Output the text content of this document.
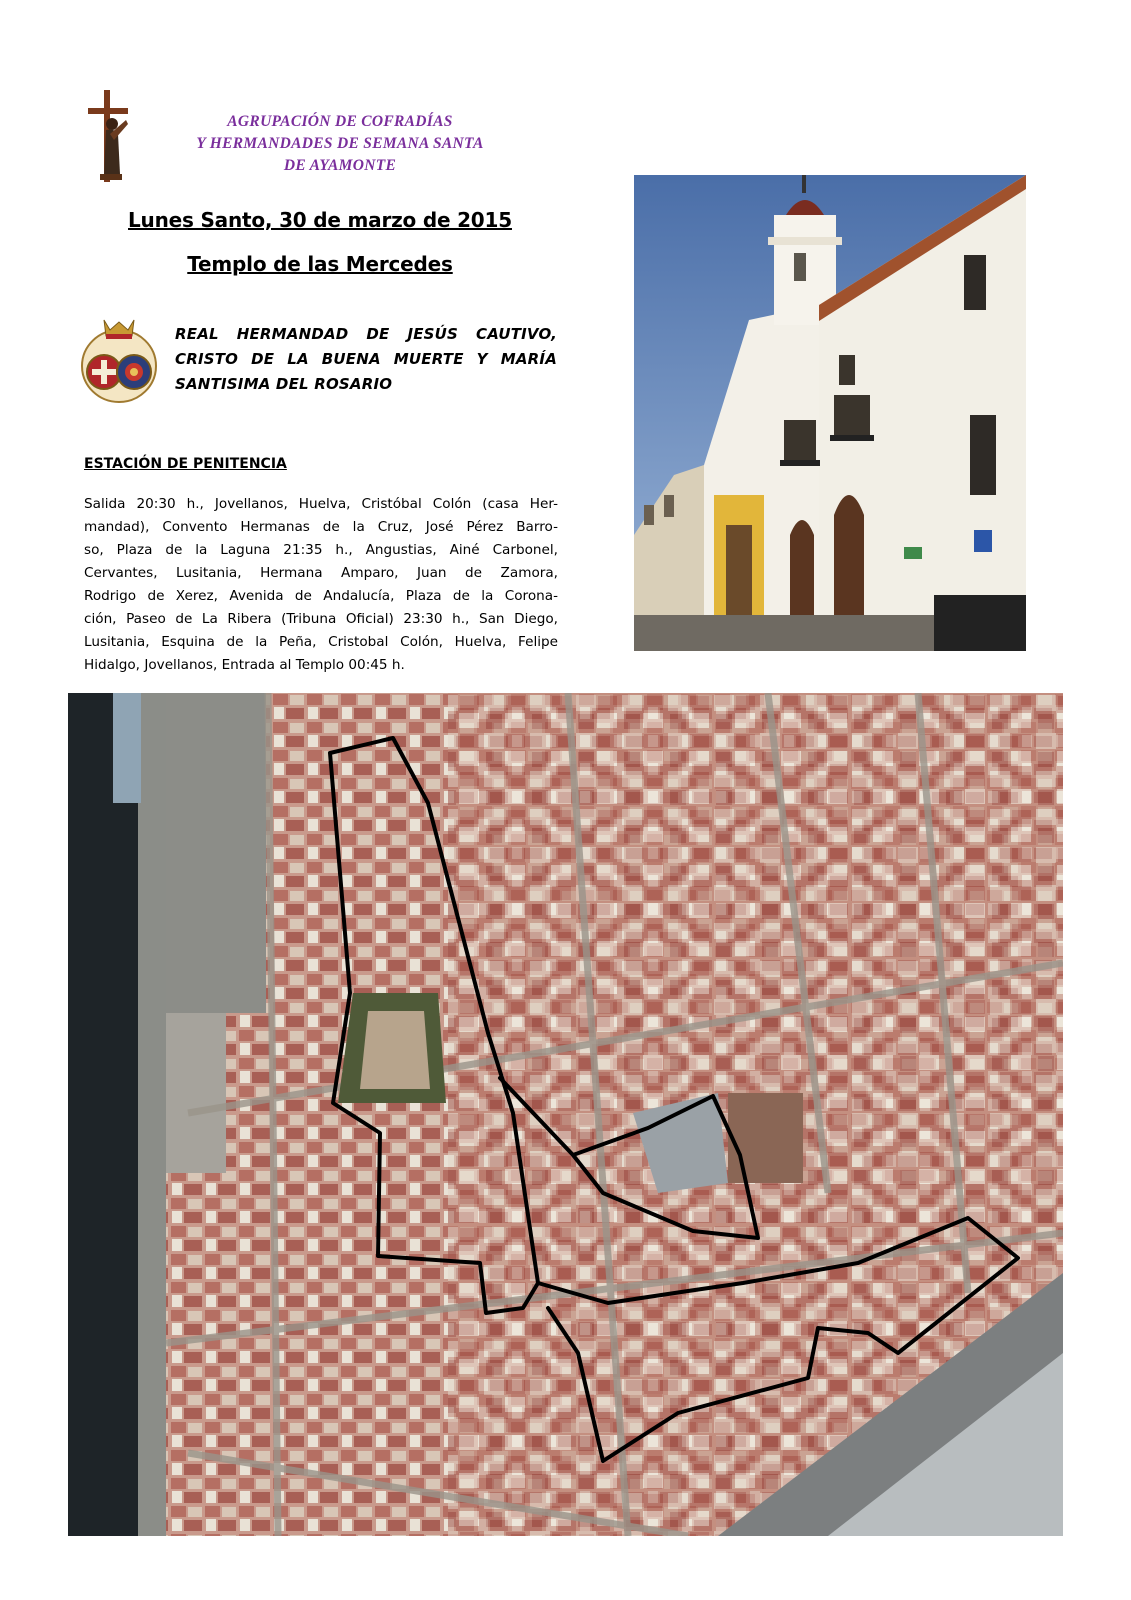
AGRUPACIÓN DE COFRADÍAS
Y HERMANDADES DE SEMANA SANTA
DE AYAMONTE
Lunes Santo, 30 de marzo de 2015
Templo de las Mercedes
REAL HERMANDAD DE JESÚS CAUTIVO,
CRISTO DE LA BUENA MUERTE Y MARÍA
SANTISIMA DEL ROSARIO
ESTACIÓN DE PENITENCIA
Salida 20:30 h., Jovellanos, Huelva, Cristóbal Colón (casa Her-
mandad), Convento Hermanas de la Cruz, José Pérez Barro-
so, Plaza de la Laguna 21:35 h., Angustias, Ainé Carbonel,
Cervantes, Lusitania, Hermana Amparo, Juan de Zamora,
Rodrigo de Xerez, Avenida de Andalucía, Plaza de la Corona-
ción, Paseo de La Ribera (Tribuna Oficial) 23:30 h., San Diego,
Lusitania, Esquina de la Peña, Cristobal Colón, Huelva, Felipe
Hidalgo, Jovellanos, Entrada al Templo 00:45 h.
